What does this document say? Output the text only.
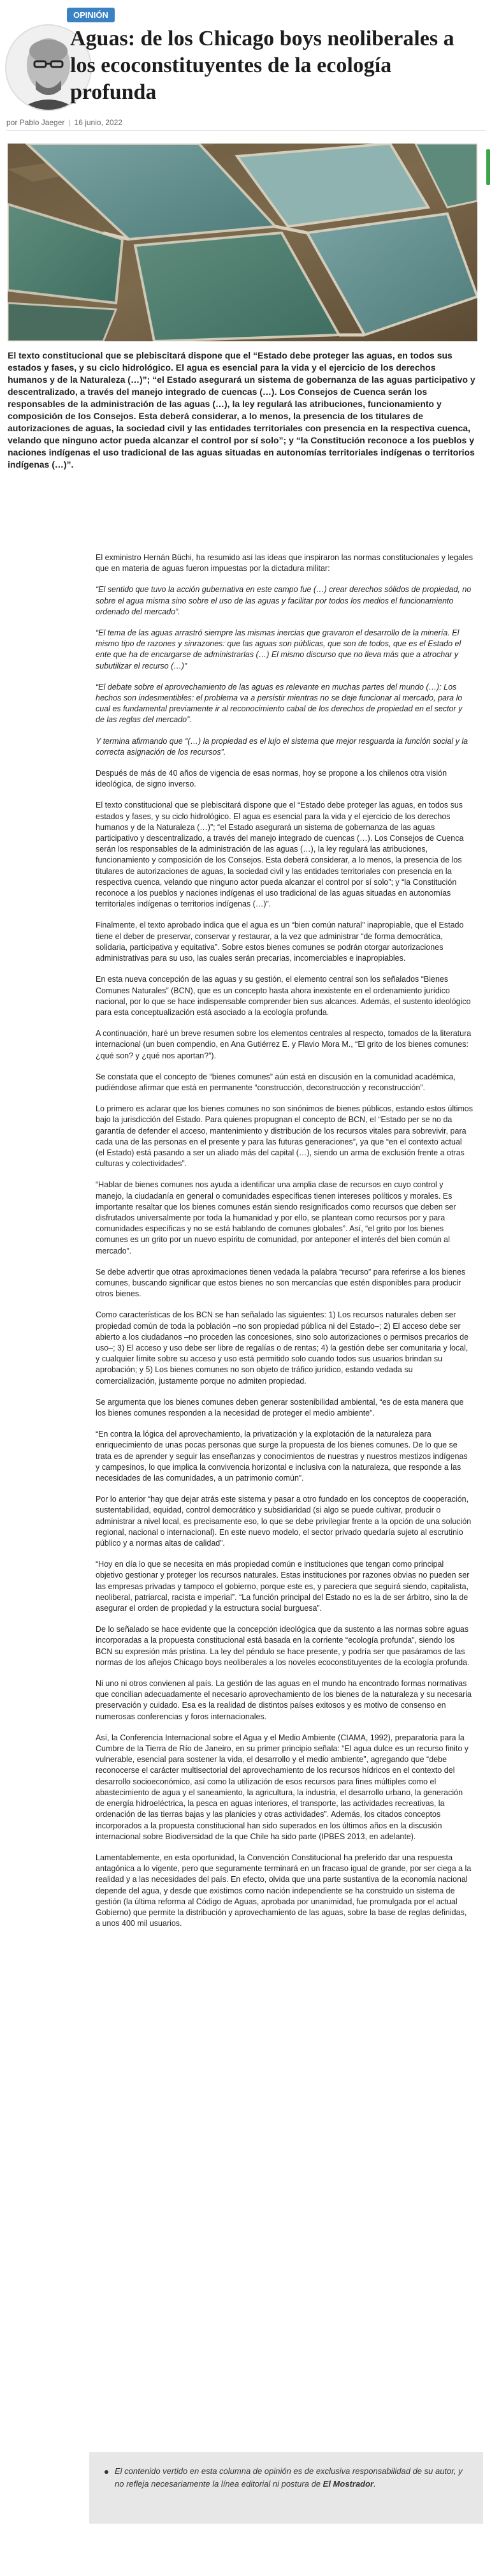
OPINIÓN
Aguas: de los Chicago boys neoliberales a los ecoconstituyentes de la ecología profunda
por Pablo Jaeger | 16 junio, 2022
El texto constitucional que se plebiscitará dispone que el “Estado debe proteger las aguas, en todos sus estados y fases, y su ciclo hidrológico. El agua es esencial para la vida y el ejercicio de los derechos humanos y de la Naturaleza (…)”; “el Estado asegurará un sistema de gobernanza de las aguas participativo y descentralizado, a través del manejo integrado de cuencas (…). Los Consejos de Cuenca serán los responsables de la administración de las aguas (…), la ley regulará las atribuciones, funcionamiento y composición de los Consejos. Esta deberá considerar, a lo menos, la presencia de los titulares de autorizaciones de aguas, la sociedad civil y las entidades territoriales con presencia en la respectiva cuenca, velando que ninguno actor pueda alcanzar el control por sí solo”; y “la Constitución reconoce a los pueblos y naciones indígenas el uso tradicional de las aguas situadas en autonomías territoriales indígenas o territorios indígenas (…)”.

El exministro Hernán Büchi, ha resumido así las ideas que inspiraron las normas constitucionales y legales que en materia de aguas fueron impuestas por la dictadura militar:

“El sentido que tuvo la acción gubernativa en este campo fue (…) crear derechos sólidos de propiedad, no sobre el agua misma sino sobre el uso de las aguas y facilitar por todos los medios el funcionamiento ordenado del mercado”.

“El tema de las aguas arrastró siempre las mismas inercias que gravaron el desarrollo de la minería. El mismo tipo de razones y sinrazones: que las aguas son públicas, que son de todos, que es el Estado el ente que ha de encargarse de administrarlas (…) El mismo discurso que no lleva más que a atrochar y subutilizar el recurso (…)”

“El debate sobre el aprovechamiento de las aguas es relevante en muchas partes del mundo (…): Los hechos son indesmentibles: el problema va a persistir mientras no se deje funcionar al mercado, para lo cual es fundamental previamente ir al reconocimiento cabal de los derechos de propiedad en el sector y de las reglas del mercado”.

Y termina afirmando que “(…) la propiedad es el lujo el sistema que mejor resguarda la función social y la correcta asignación de los recursos”.

Después de más de 40 años de vigencia de esas normas, hoy se propone a los chilenos otra visión ideológica, de signo inverso.

El texto constitucional que se plebiscitará dispone que el “Estado debe proteger las aguas, en todos sus estados y fases, y su ciclo hidrológico. El agua es esencial para la vida y el ejercicio de los derechos humanos y de la Naturaleza (…)”; “el Estado asegurará un sistema de gobernanza de las aguas participativo y descentralizado, a través del manejo integrado de cuencas (…). Los Consejos de Cuenca serán los responsables de la administración de las aguas (…), la ley regulará las atribuciones, funcionamiento y composición de los Consejos. Esta deberá considerar, a lo menos, la presencia de los titulares de autorizaciones de aguas, la sociedad civil y las entidades territoriales con presencia en la respectiva cuenca, velando que ninguno actor pueda alcanzar el control por sí solo”; y “la Constitución reconoce a los pueblos y naciones indígenas el uso tradicional de las aguas situadas en autonomías territoriales indígenas o territorios indígenas (…)”.

Finalmente, el texto aprobado indica que el agua es un “bien común natural” inapropiable, que el Estado tiene el deber de preservar, conservar y restaurar, a la vez que administrar “de forma democrática, solidaria, participativa y equitativa”. Sobre estos bienes comunes se podrán otorgar autorizaciones administrativas para su uso, las cuales serán precarias, incomerciables e inapropiables.

En esta nueva concepción de las aguas y su gestión, el elemento central son los señalados “Bienes Comunes Naturales” (BCN), que es un concepto hasta ahora inexistente en el ordenamiento jurídico nacional, por lo que se hace indispensable comprender bien sus alcances. Además, el sustento ideológico para esta conceptualización está asociado a la ecología profunda.

A continuación, haré un breve resumen sobre los elementos centrales al respecto, tomados de la literatura internacional (un buen compendio, en Ana Gutiérrez E. y Flavio Mora M., “El grito de los bienes comunes: ¿qué son? y ¿qué nos aportan?”).

Se constata que el concepto de “bienes comunes” aún está en discusión en la comunidad académica, pudiéndose afirmar que está en permanente “construcción, deconstrucción y reconstrucción”.

Lo primero es aclarar que los bienes comunes no son sinónimos de bienes públicos, estando estos últimos bajo la jurisdicción del Estado. Para quienes propugnan el concepto de BCN, el “Estado per se no da garantía de defender el acceso, mantenimiento y distribución de los recursos vitales para sobrevivir, para cada una de las personas en el presente y para las futuras generaciones”, ya que “en el contexto actual (el Estado) está pasando a ser un aliado más del capital (…), siendo un arma de exclusión frente a otras culturas y colectividades”.

“Hablar de bienes comunes nos ayuda a identificar una amplia clase de recursos en cuyo control y manejo, la ciudadanía en general o comunidades específicas tienen intereses políticos y morales. Es importante resaltar que los bienes comunes están siendo resignificados como recursos que deben ser disfrutados universalmente por toda la humanidad y por ello, se plantean como recursos por y para comunidades específicas y no se está hablando de comunes globales”. Así, “el grito por los bienes comunes es un grito por un nuevo espíritu de comunidad, por anteponer el interés del bien común al mercado”.

Se debe advertir que otras aproximaciones tienen vedada la palabra “recurso” para referirse a los bienes comunes, buscando significar que estos bienes no son mercancías que estén disponibles para producir otros bienes.

Como características de los BCN se han señalado las siguientes: 1) Los recursos naturales deben ser propiedad común de toda la población –no son propiedad pública ni del Estado–; 2) El acceso debe ser abierto a los ciudadanos –no proceden las concesiones, sino solo autorizaciones o permisos precarios de uso–; 3) El acceso y uso debe ser libre de regalías o de rentas; 4) la gestión debe ser comunitaria y local, y cualquier límite sobre su acceso y uso está permitido solo cuando todos sus usuarios brindan su aprobación; y 5) Los bienes comunes no son objeto de tráfico jurídico, estando vedada su comercialización, justamente porque no admiten propiedad.

Se argumenta que los bienes comunes deben generar sostenibilidad ambiental, “es de esta manera que los bienes comunes responden a la necesidad de proteger el medio ambiente”.

“En contra la lógica del aprovechamiento, la privatización y la explotación de la naturaleza para enriquecimiento de unas pocas personas que surge la propuesta de los bienes comunes. De lo que se trata es de aprender y seguir las enseñanzas y conocimientos de nuestras y nuestros mestizos indígenas y campesinos, lo que implica la convivencia horizontal e inclusiva con la naturaleza, que responde a las necesidades de las comunidades, a un patrimonio común”.

Por lo anterior “hay que dejar atrás este sistema y pasar a otro fundado en los conceptos de cooperación, sustentabilidad, equidad, control democrático y subsidiaridad (si algo se puede cultivar, producir o administrar a nivel local, es precisamente eso, lo que se debe privilegiar frente a la opción de una solución regional, nacional o internacional). En este nuevo modelo, el sector privado quedaría sujeto al escrutinio público y a normas altas de calidad”.

“Hoy en día lo que se necesita en más propiedad común e instituciones que tengan como principal objetivo gestionar y proteger los recursos naturales. Estas instituciones por razones obvias no pueden ser las empresas privadas y tampoco el gobierno, porque este es, y pareciera que seguirá siendo, capitalista, neoliberal, patriarcal, racista e imperial”. “La función principal del Estado no es la de ser árbitro, sino la de asegurar el orden de propiedad y la estructura social burguesa”.

De lo señalado se hace evidente que la concepción ideológica que da sustento a las normas sobre aguas incorporadas a la propuesta constitucional está basada en la corriente “ecología profunda”, siendo los BCN su expresión más prístina. La ley del péndulo se hace presente, y podría ser que pasáramos de las normas de los añejos Chicago boys neoliberales a los noveles ecoconstituyentes de la ecología profunda.

Ni uno ni otros convienen al país. La gestión de las aguas en el mundo ha encontrado formas normativas que concilian adecuadamente el necesario aprovechamiento de los bienes de la naturaleza y su necesaria preservación y cuidado. Esa es la realidad de distintos países exitosos y es motivo de consenso en numerosas conferencias y foros internacionales.

Así, la Conferencia Internacional sobre el Agua y el Medio Ambiente (CIAMA, 1992), preparatoria para la Cumbre de la Tierra de Río de Janeiro, en su primer principio señala: “El agua dulce es un recurso finito y vulnerable, esencial para sostener la vida, el desarrollo y el medio ambiente”, agregando que “debe reconocerse el carácter multisectorial del aprovechamiento de los recursos hídricos en el contexto del desarrollo socioeconómico, así como la utilización de esos recursos para fines múltiples como el abastecimiento de agua y el saneamiento, la agricultura, la industria, el desarrollo urbano, la generación de energía hidroeléctrica, la pesca en aguas interiores, el transporte, las actividades recreativas, la ordenación de las tierras bajas y las planicies y otras actividades”. Además, los citados conceptos incorporados a la propuesta constitucional han sido superados en los últimos años en la discusión internacional sobre Biodiversidad de la que Chile ha sido parte (IPBES 2013, en adelante).

Lamentablemente, en esta oportunidad, la Convención Constitucional ha preferido dar una respuesta antagónica a lo vigente, pero que seguramente terminará en un fracaso igual de grande, por ser ciega a la realidad y a las necesidades del país. En efecto, olvida que una parte sustantiva de la economía nacional depende del agua, y desde que existimos como nación independiente se ha construido un sistema de gestión (la última reforma al Código de Aguas, aprobada por unanimidad, fue promulgada por el actual Gobierno) que permite la distribución y aprovechamiento de las aguas, sobre la base de reglas definidas, a unos 400 mil usuarios.

El contenido vertido en esta columna de opinión es de exclusiva responsabilidad de su autor, y no refleja necesariamente la línea editorial ni postura de El Mostrador.
